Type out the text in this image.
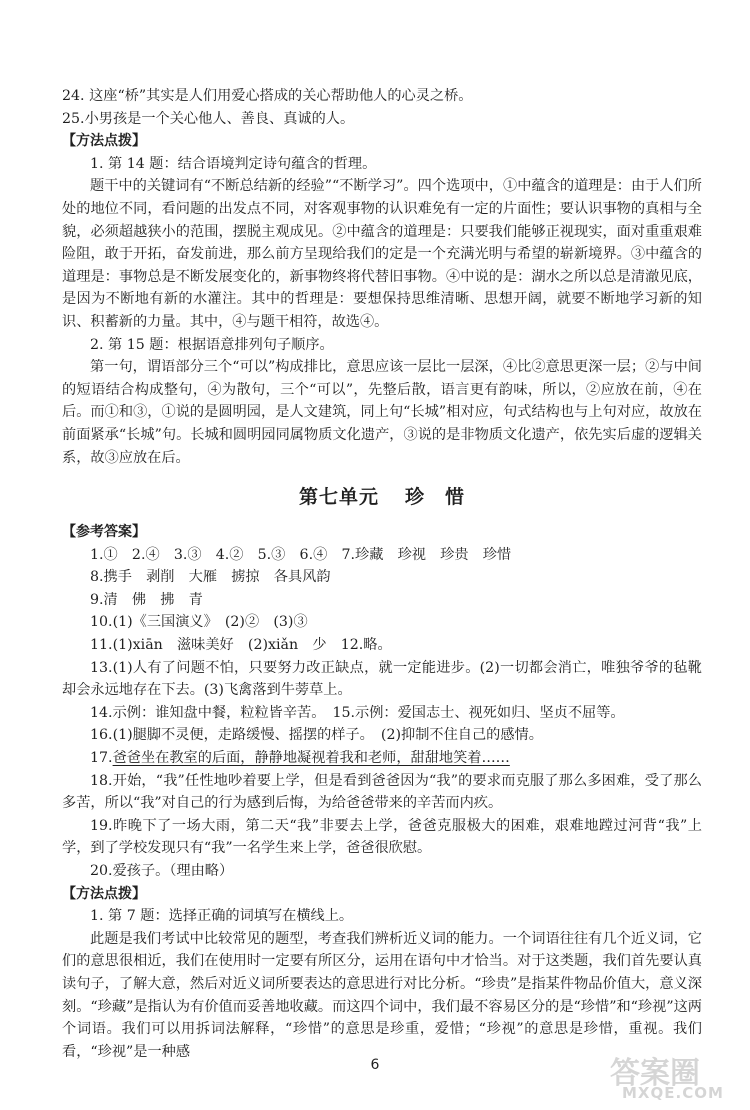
24. 这座“桥”其实是人们用爱心搭成的关心帮助他人的心灵之桥。

25.小男孩是一个关心他人、善良、真诚的人。

【方法点拨】

1. 第 14 题：结合语境判定诗句蕴含的哲理。

题干中的关键词有“不断总结新的经验”“不断学习”。四个选项中，①中蕴含的道理是：由于人们所处的地位不同，看问题的出发点不同，对客观事物的认识难免有一定的片面性；要认识事物的真相与全貌，必须超越狭小的范围，摆脱主观成见。②中蕴含的道理是：只要我们能够正视现实，面对重重艰难险阻，敢于开拓，奋发前进，那么前方呈现给我们的定是一个充满光明与希望的崭新境界。③中蕴含的道理是：事物总是不断发展变化的，新事物终将代替旧事物。④中说的是：湖水之所以总是清澈见底，是因为不断地有新的水灌注。其中的哲理是：要想保持思维清晰、思想开阔，就要不断地学习新的知识、积蓄新的力量。其中，④与题干相符，故选④。

2. 第 15 题：根据语意排列句子顺序。

第一句，谓语部分三个“可以”构成排比，意思应该一层比一层深，④比②意思更深一层；②与中间的短语结合构成整句，④为散句，三个“可以”，先整后散，语言更有韵味，所以，②应放在前，④在后。而①和③，①说的是圆明园，是人文建筑，同上句“长城”相对应，句式结构也与上句对应，故放在前面紧承“长城”句。长城和圆明园同属物质文化遗产，③说的是非物质文化遗产，依先实后虚的逻辑关系，故③应放在后。

第七单元 珍　惜
【参考答案】

1.①　2.④　3.③　4.②　5.③　6.④　7.珍藏　珍视　珍贵　珍惜

8.携手　剥削　大雁　掳掠　各具风韵

9.清　佛　拂　青

10.(1)《三国演义》　(2)②　(3)③

11.(1)xiān　滋味美好　(2)xiǎn　少　12.略。

13.(1)人有了问题不怕，只要努力改正缺点，就一定能进步。(2)一切都会消亡，唯独爷爷的毡靴却会永远地存在下去。(3)飞禽落到牛蒡草上。

14.示例：谁知盘中餐，粒粒皆辛苦。　15.示例：爱国志士、视死如归、坚贞不屈等。

16.(1)腿脚不灵便，走路缓慢、摇摆的样子。　(2)抑制不住自己的感情。

17.爸爸坐在教室的后面，静静地凝视着我和老师，甜甜地笑着……

18.开始，“我”任性地吵着要上学，但是看到爸爸因为“我”的要求而克服了那么多困难，受了那么多苦，所以“我”对自己的行为感到后悔，为给爸爸带来的辛苦而内疚。

19.昨晚下了一场大雨，第二天“我”非要去上学，爸爸克服极大的困难，艰难地蹚过河背“我”上学，到了学校发现只有“我”一名学生来上学，爸爸很欣慰。

20.爱孩子。（理由略）

【方法点拨】

1. 第 7 题：选择正确的词填写在横线上。

此题是我们考试中比较常见的题型，考查我们辨析近义词的能力。一个词语往往有几个近义词，它们的意思很相近，我们在使用时一定要有所区分，运用在语句中才恰当。对于这类题，我们首先要认真读句子，了解大意，然后对近义词所要表达的意思进行对比分析。“珍贵”是指某件物品价值大，意义深刻。“珍藏”是指认为有价值而妥善地收藏。而这四个词中，我们最不容易区分的是“珍惜”和“珍视”这两个词语。我们可以用拆词法解释，“珍惜”的意思是珍重，爱惜；“珍视”的意思是珍惜，重视。我们看，“珍视”是一种感

6	答案圈
MXQE.COM
